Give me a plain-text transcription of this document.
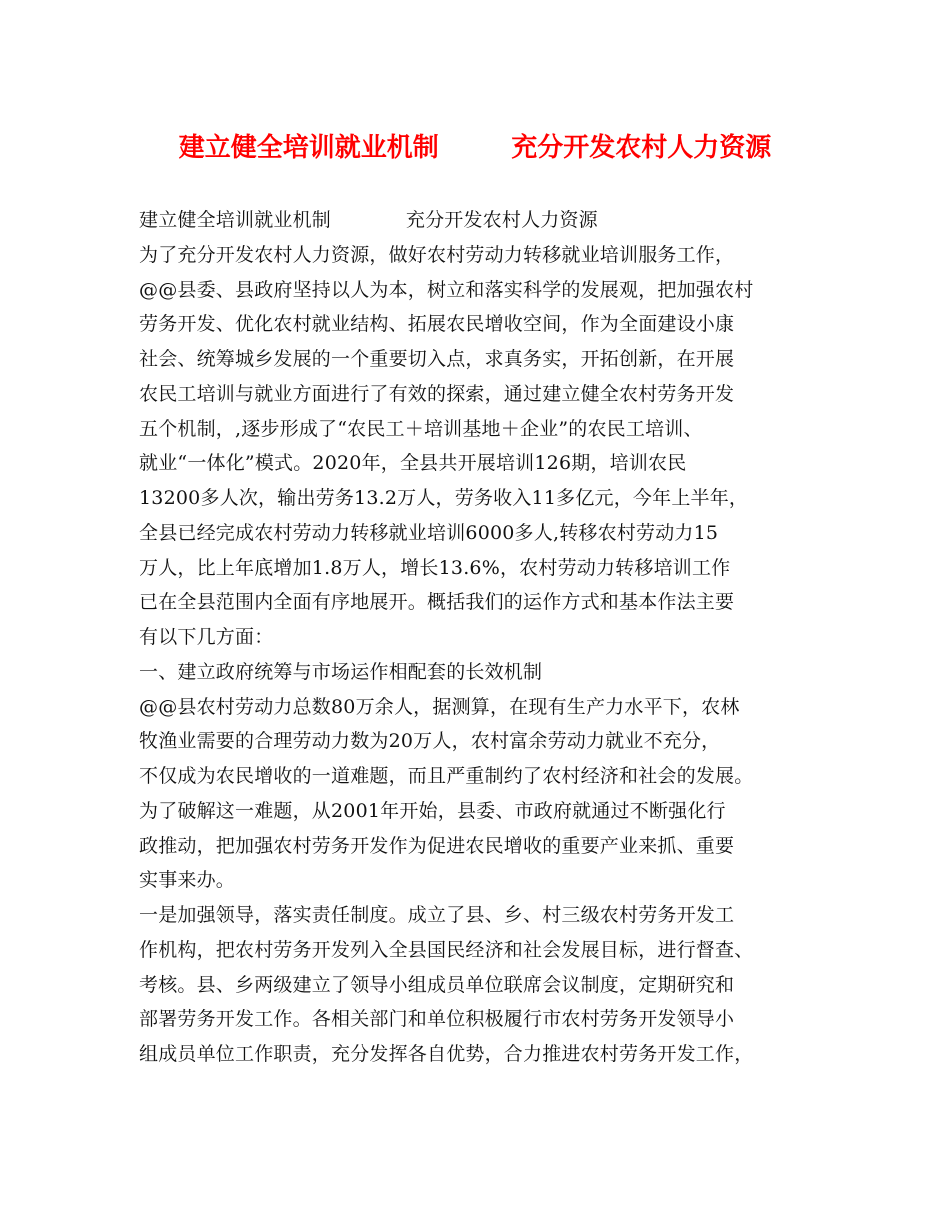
建立健全培训就业机制        充分开发农村人力资源
建立健全培训就业机制            充分开发农村人力资源
为了充分开发农村人力资源，做好农村劳动力转移就业培训服务工作，
@@县委、县政府坚持以人为本，树立和落实科学的发展观，把加强农村
劳务开发、优化农村就业结构、拓展农民增收空间，作为全面建设小康
社会、统筹城乡发展的一个重要切入点，求真务实，开拓创新，在开展
农民工培训与就业方面进行了有效的探索，通过建立健全农村劳务开发
五个机制，,逐步形成了“农民工＋培训基地＋企业”的农民工培训、
就业“一体化”模式。2020年，全县共开展培训126期，培训农民
13200多人次，输出劳务13.2万人，劳务收入11多亿元，今年上半年，
全县已经完成农村劳动力转移就业培训6000多人,转移农村劳动力15
万人，比上年底增加1.8万人，增长13.6%，农村劳动力转移培训工作
已在全县范围内全面有序地展开。概括我们的运作方式和基本作法主要
有以下几方面：
一、建立政府统筹与市场运作相配套的长效机制
@@县农村劳动力总数80万余人，据测算，在现有生产力水平下，农林
牧渔业需要的合理劳动力数为20万人，农村富余劳动力就业不充分，
不仅成为农民增收的一道难题，而且严重制约了农村经济和社会的发展。
为了破解这一难题，从2001年开始，县委、市政府就通过不断强化行
政推动，把加强农村劳务开发作为促进农民增收的重要产业来抓、重要
实事来办。
一是加强领导，落实责任制度。成立了县、乡、村三级农村劳务开发工
作机构，把农村劳务开发列入全县国民经济和社会发展目标，进行督查、
考核。县、乡两级建立了领导小组成员单位联席会议制度，定期研究和
部署劳务开发工作。各相关部门和单位积极履行市农村劳务开发领导小
组成员单位工作职责，充分发挥各自优势，合力推进农村劳务开发工作，
